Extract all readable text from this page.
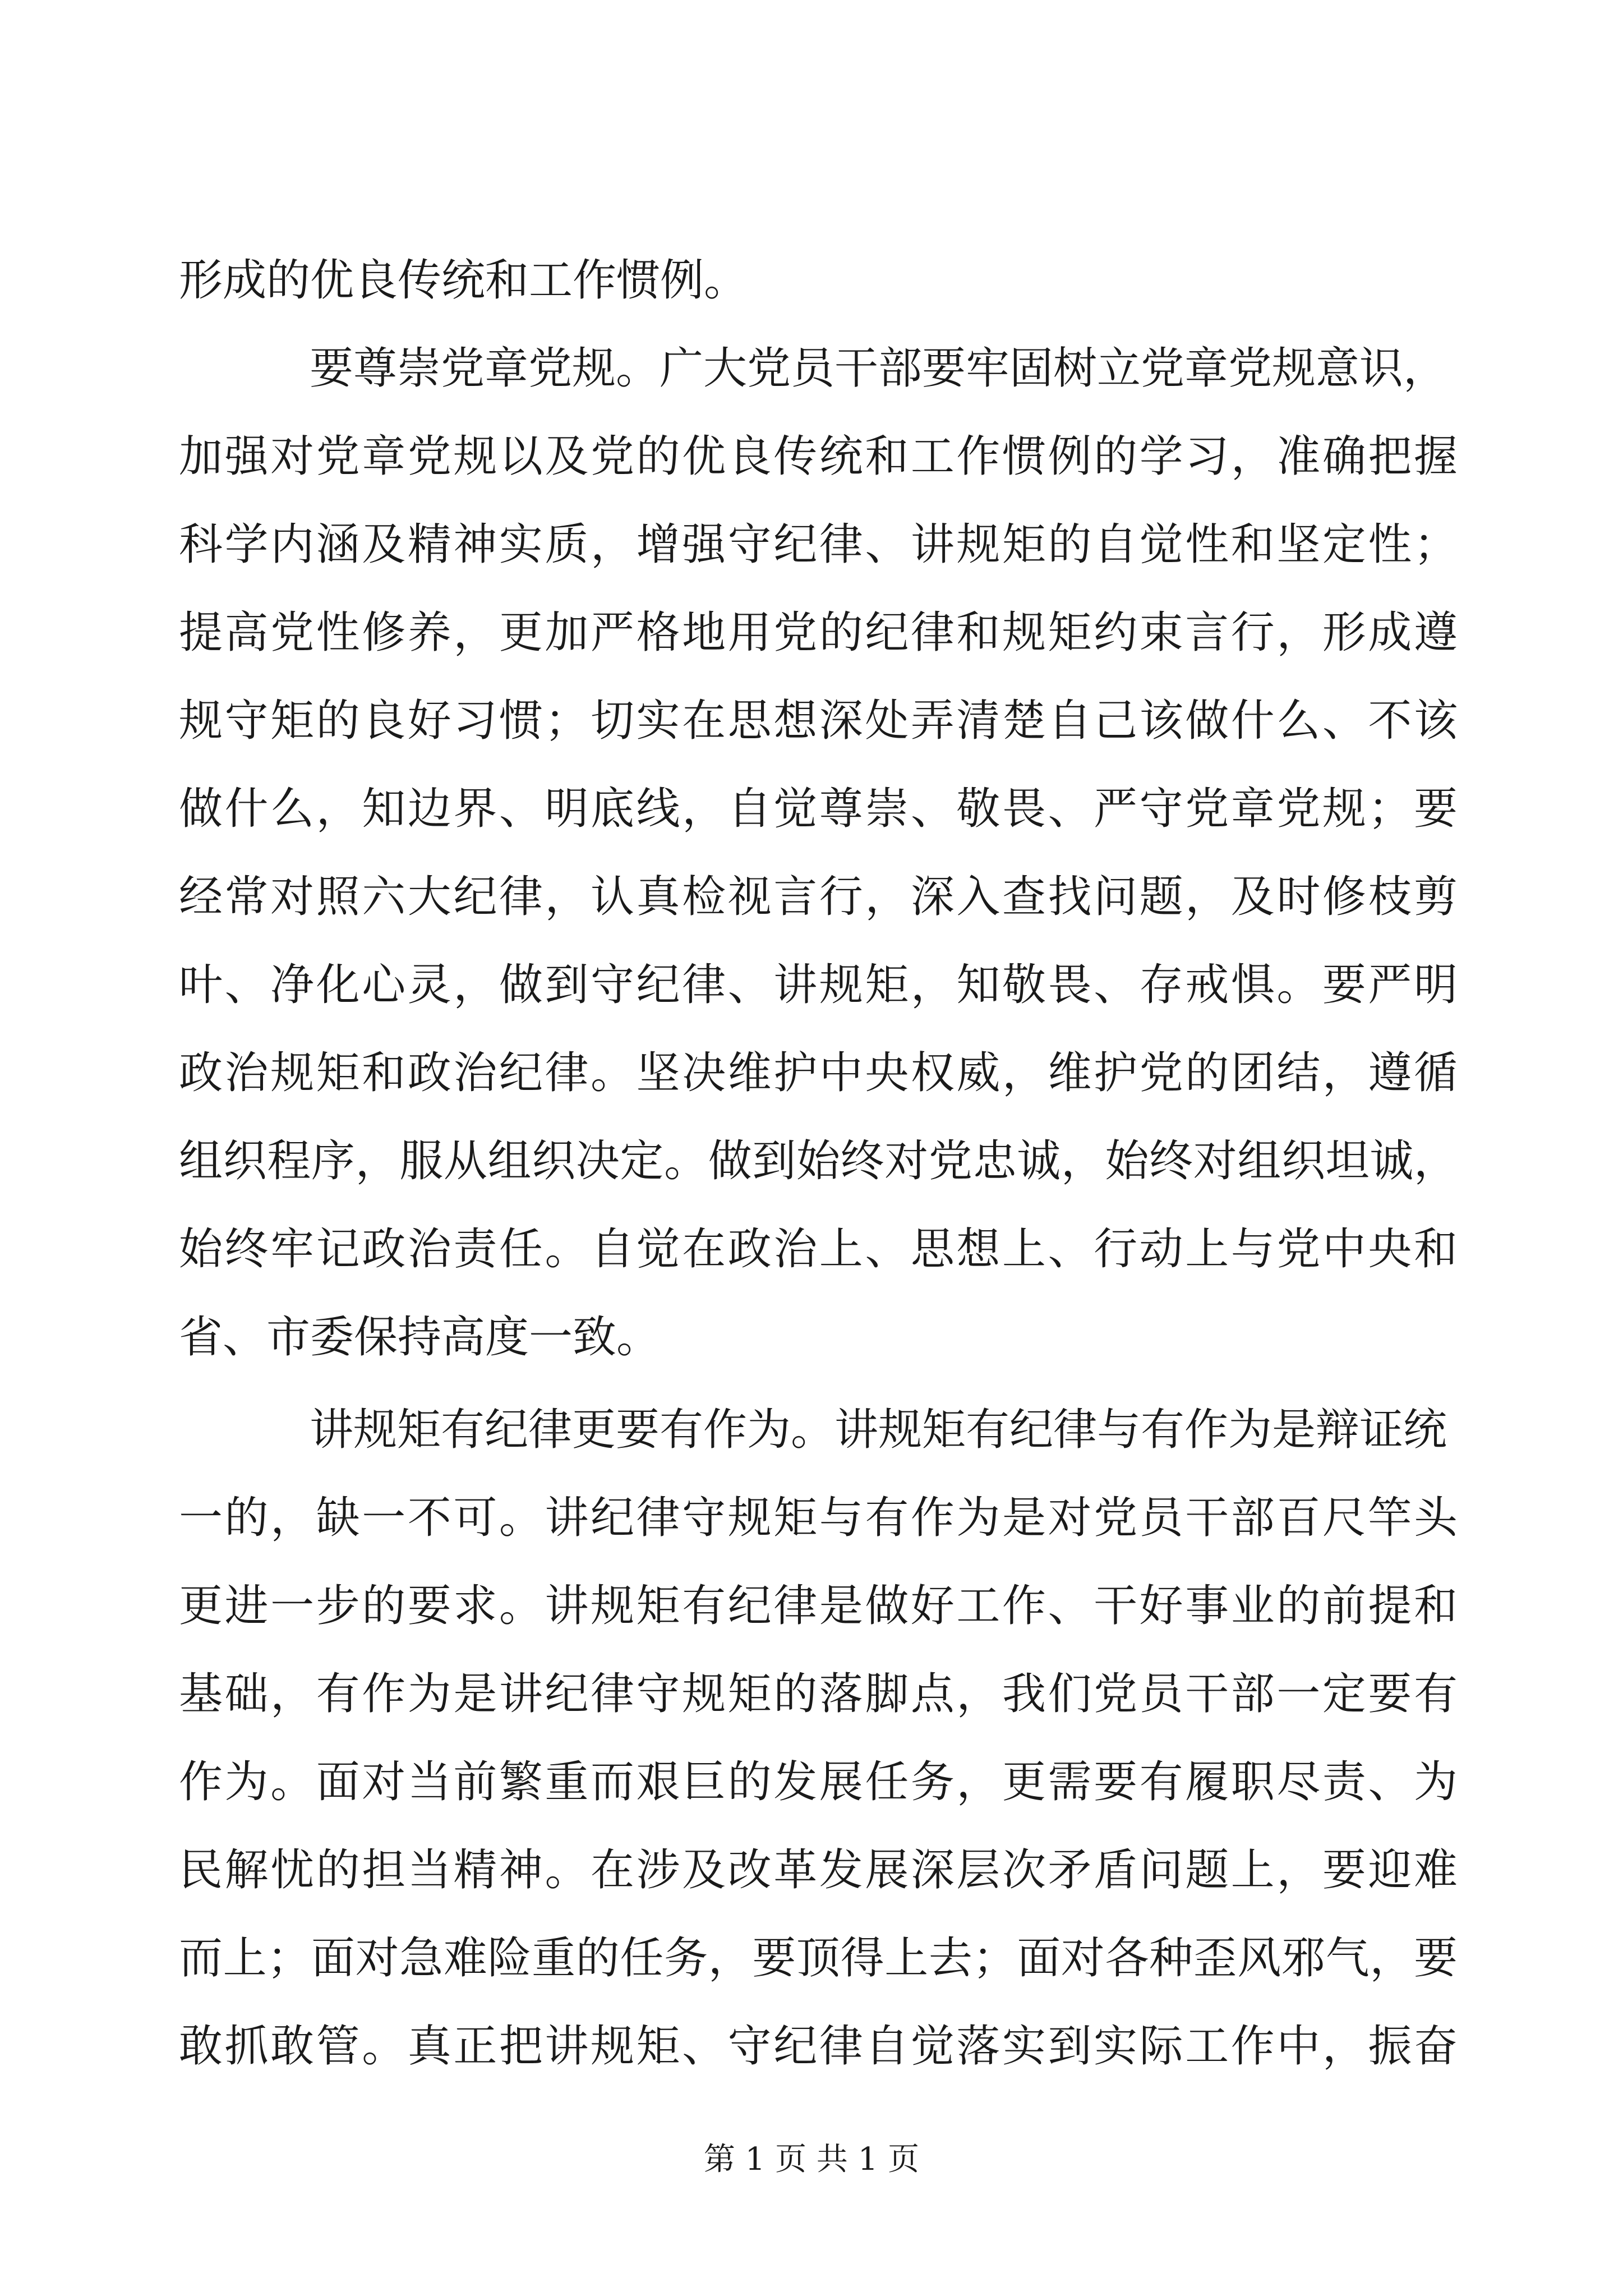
形成的优良传统和工作惯例。
要尊崇党章党规。广大党员干部要牢固树立党章党规意识，
加强对党章党规以及党的优良传统和工作惯例的学习，准确把握
科学内涵及精神实质，增强守纪律、讲规矩的自觉性和坚定性；
提高党性修养，更加严格地用党的纪律和规矩约束言行，形成遵
规守矩的良好习惯；切实在思想深处弄清楚自己该做什么、不该
做什么，知边界、明底线，自觉尊崇、敬畏、严守党章党规；要
经常对照六大纪律，认真检视言行，深入查找问题，及时修枝剪
叶、净化心灵，做到守纪律、讲规矩，知敬畏、存戒惧。要严明
政治规矩和政治纪律。坚决维护中央权威，维护党的团结，遵循
组织程序，服从组织决定。做到始终对党忠诚，始终对组织坦诚，
始终牢记政治责任。自觉在政治上、思想上、行动上与党中央和
省、市委保持高度一致。
讲规矩有纪律更要有作为。讲规矩有纪律与有作为是辩证统
一的，缺一不可。讲纪律守规矩与有作为是对党员干部百尺竿头
更进一步的要求。讲规矩有纪律是做好工作、干好事业的前提和
基础，有作为是讲纪律守规矩的落脚点，我们党员干部一定要有
作为。面对当前繁重而艰巨的发展任务，更需要有履职尽责、为
民解忧的担当精神。在涉及改革发展深层次矛盾问题上，要迎难
而上；面对急难险重的任务，要顶得上去；面对各种歪风邪气，要
敢抓敢管。真正把讲规矩、守纪律自觉落实到实际工作中，振奋
第 1 页 共 1 页
